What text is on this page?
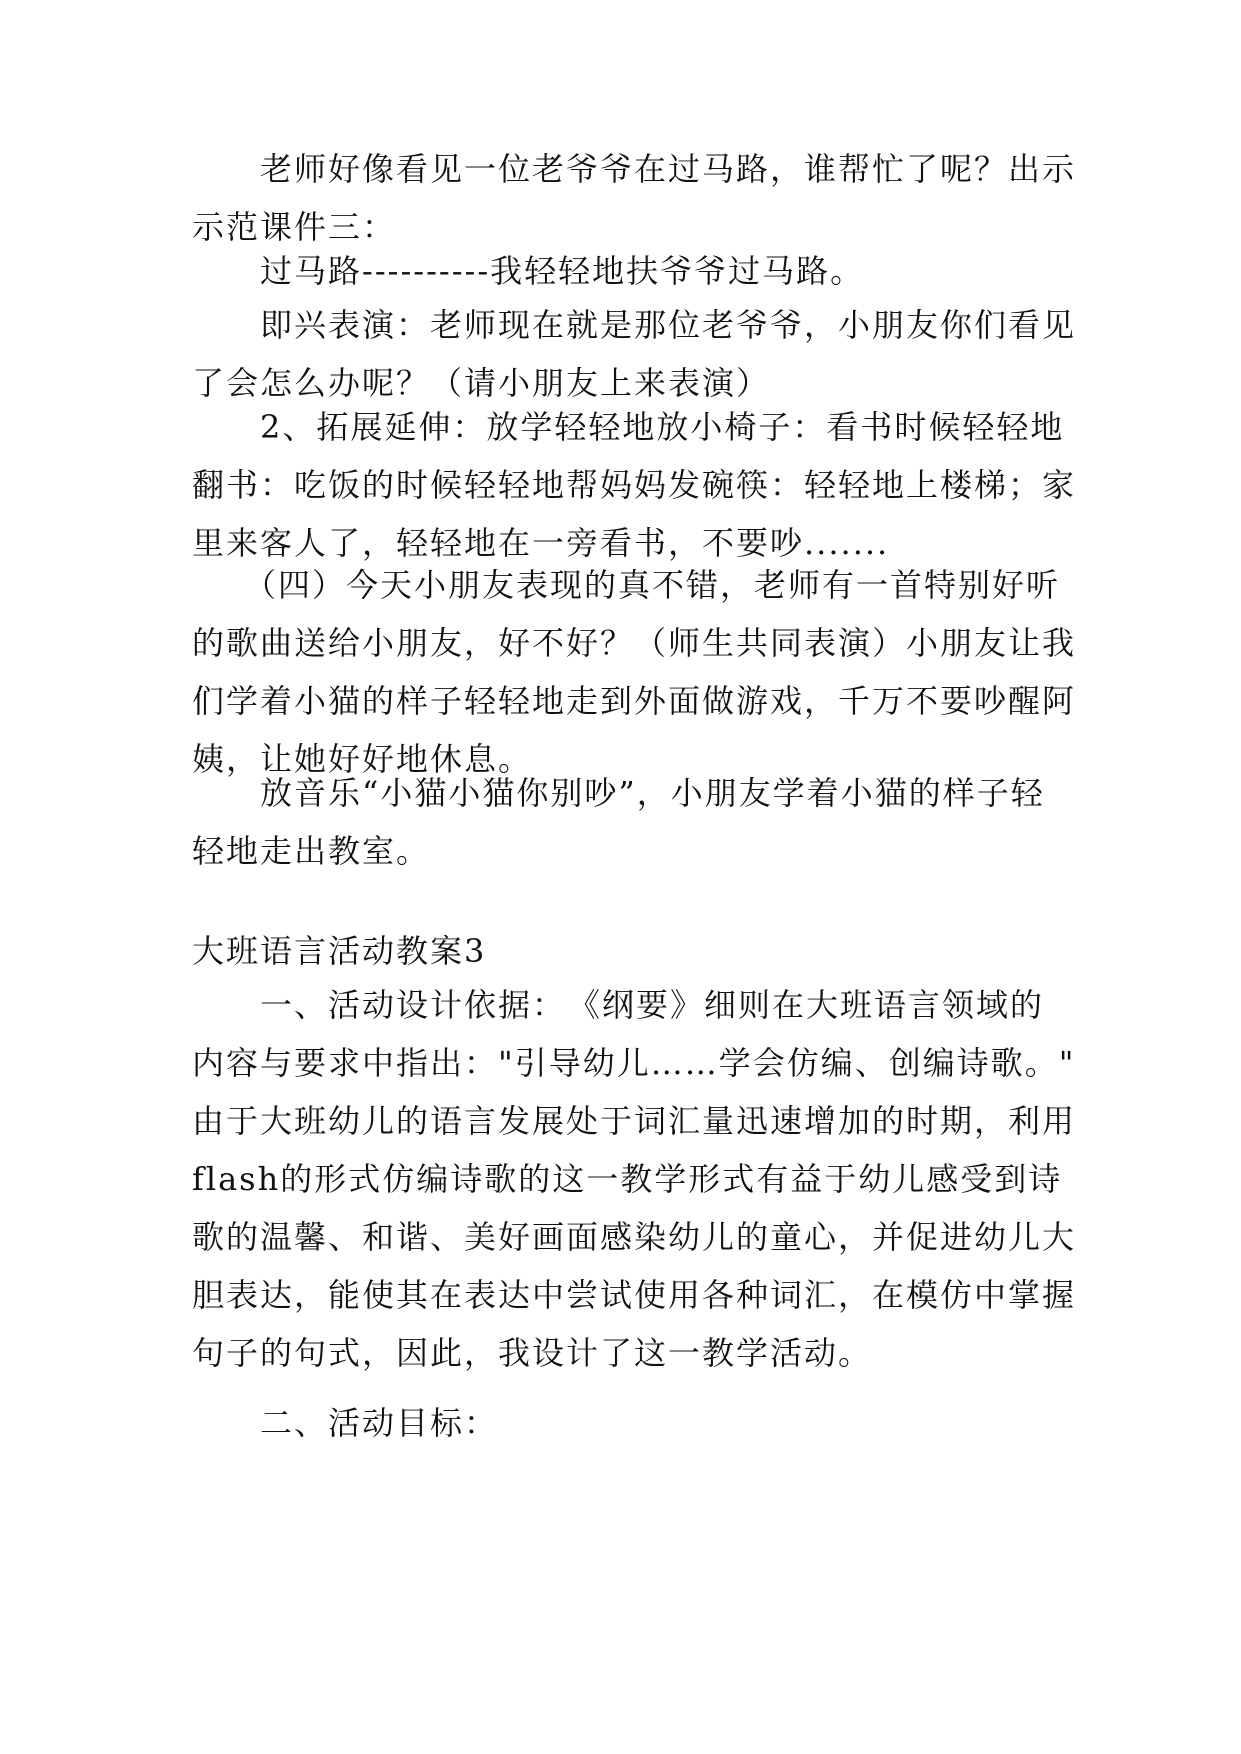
　　老师好像看见一位老爷爷在过马路，谁帮忙了呢？出示
示范课件三：
　　过马路----------我轻轻地扶爷爷过马路。
　　即兴表演：老师现在就是那位老爷爷，小朋友你们看见
了会怎么办呢？（请小朋友上来表演）
　　2、拓展延伸：放学轻轻地放小椅子：看书时候轻轻地
翻书：吃饭的时候轻轻地帮妈妈发碗筷：轻轻地上楼梯；家
里来客人了，轻轻地在一旁看书，不要吵.......
　　（四）今天小朋友表现的真不错，老师有一首特别好听
的歌曲送给小朋友，好不好？（师生共同表演）小朋友让我
们学着小猫的样子轻轻地走到外面做游戏，千万不要吵醒阿
姨，让她好好地休息。
　　放音乐“小猫小猫你别吵”，小朋友学着小猫的样子轻
轻地走出教室。
大班语言活动教案3
　　一、活动设计依据：　《纲要》细则在大班语言领域的
内容与要求中指出："引导幼儿……学会仿编、创编诗歌。"
由于大班幼儿的语言发展处于词汇量迅速增加的时期，利用
flash的形式仿编诗歌的这一教学形式有益于幼儿感受到诗
歌的温馨、和谐、美好画面感染幼儿的童心，并促进幼儿大
胆表达，能使其在表达中尝试使用各种词汇，在模仿中掌握
句子的句式，因此，我设计了这一教学活动。
　　二、活动目标：
